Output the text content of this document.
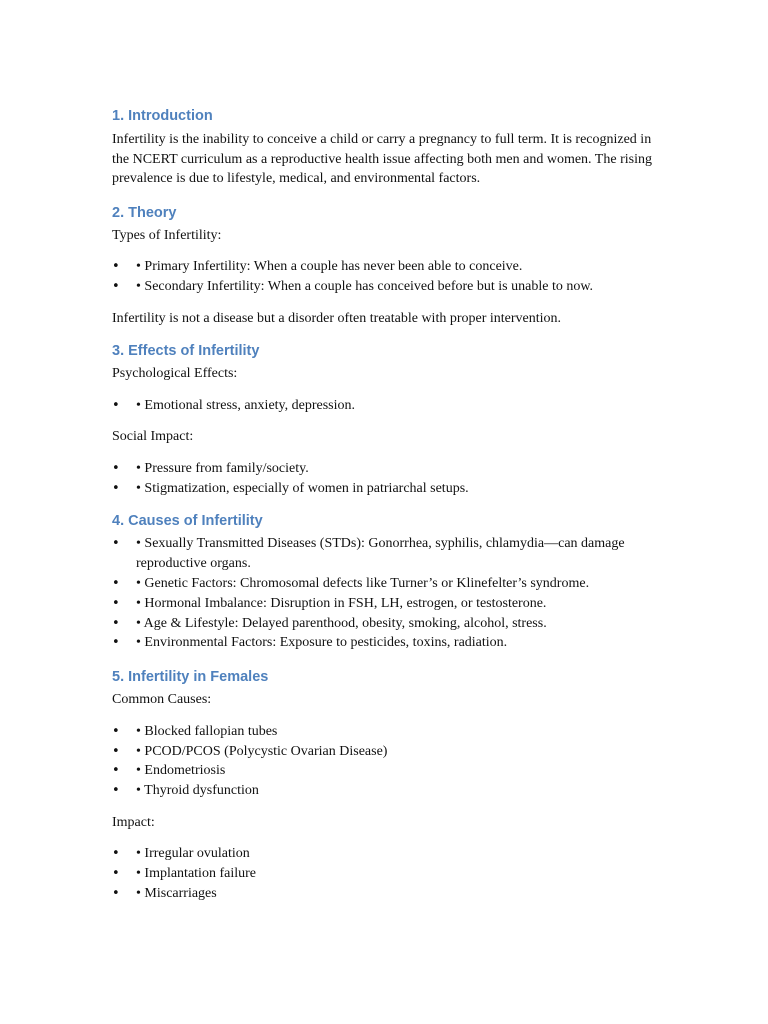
1. Introduction

Infertility is the inability to conceive a child or carry a pregnancy to full term. It is recognized in the NCERT curriculum as a reproductive health issue affecting both men and women. The rising prevalence is due to lifestyle, medical, and environmental factors.

2. Theory

Types of Infertility:

• • Primary Infertility: When a couple has never been able to conceive.
• • Secondary Infertility: When a couple has conceived before but is unable to now.

Infertility is not a disease but a disorder often treatable with proper intervention.

3. Effects of Infertility

Psychological Effects:

• • Emotional stress, anxiety, depression.

Social Impact:

• • Pressure from family/society.
• • Stigmatization, especially of women in patriarchal setups.
4. Causes of Infertility
• • Sexually Transmitted Diseases (STDs): Gonorrhea, syphilis, chlamydia—can damage reproductive organs.
• • Genetic Factors: Chromosomal defects like Turner’s or Klinefelter’s syndrome.
• • Hormonal Imbalance: Disruption in FSH, LH, estrogen, or testosterone.
• • Age & Lifestyle: Delayed parenthood, obesity, smoking, alcohol, stress.
• • Environmental Factors: Exposure to pesticides, toxins, radiation.
5. Infertility in Females

Common Causes:

• • Blocked fallopian tubes
• • PCOD/PCOS (Polycystic Ovarian Disease)
• • Endometriosis
• • Thyroid dysfunction

Impact:

• • Irregular ovulation
• • Implantation failure
• • Miscarriages
